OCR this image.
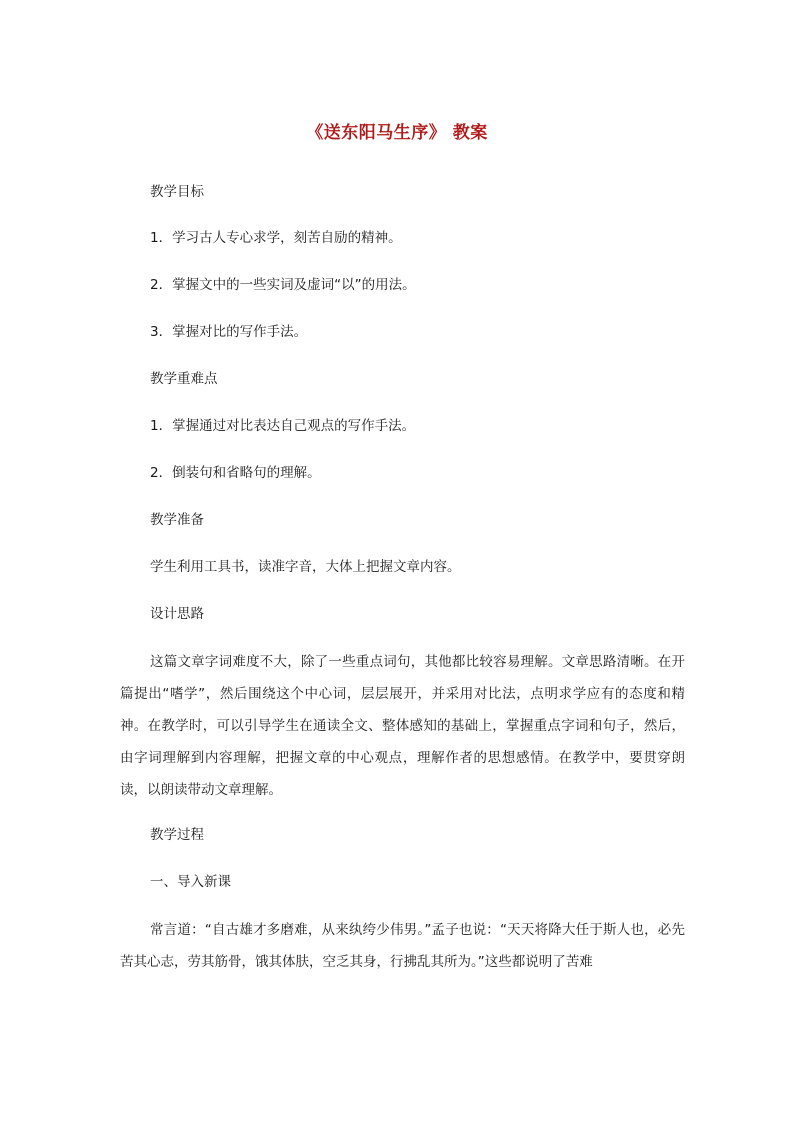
《送东阳马生序》 教案

教学目标

1．学习古人专心求学，刻苦自励的精神。

2．掌握文中的一些实词及虚词“以”的用法。

3．掌握对比的写作手法。

教学重难点

1．掌握通过对比表达自己观点的写作手法。

2．倒装句和省略句的理解。

教学准备

学生利用工具书，读准字音，大体上把握文章内容。

设计思路

这篇文章字词难度不大，除了一些重点词句，其他都比较容易理解。文章思路清晰。在开篇提出“嗜学”，然后围绕这个中心词，层层展开，并采用对比法，点明求学应有的态度和精神。在教学时，可以引导学生在通读全文、整体感知的基础上，掌握重点字词和句子，然后，由字词理解到内容理解，把握文章的中心观点，理解作者的思想感情。在教学中，要贯穿朗读，以朗读带动文章理解。

教学过程

一、导入新课

常言道：“自古雄才多磨难，从来纨绔少伟男。”孟子也说：“天天将降大任于斯人也，必先苦其心志，劳其筋骨，饿其体肤，空乏其身，行拂乱其所为。”这些都说明了苦难
